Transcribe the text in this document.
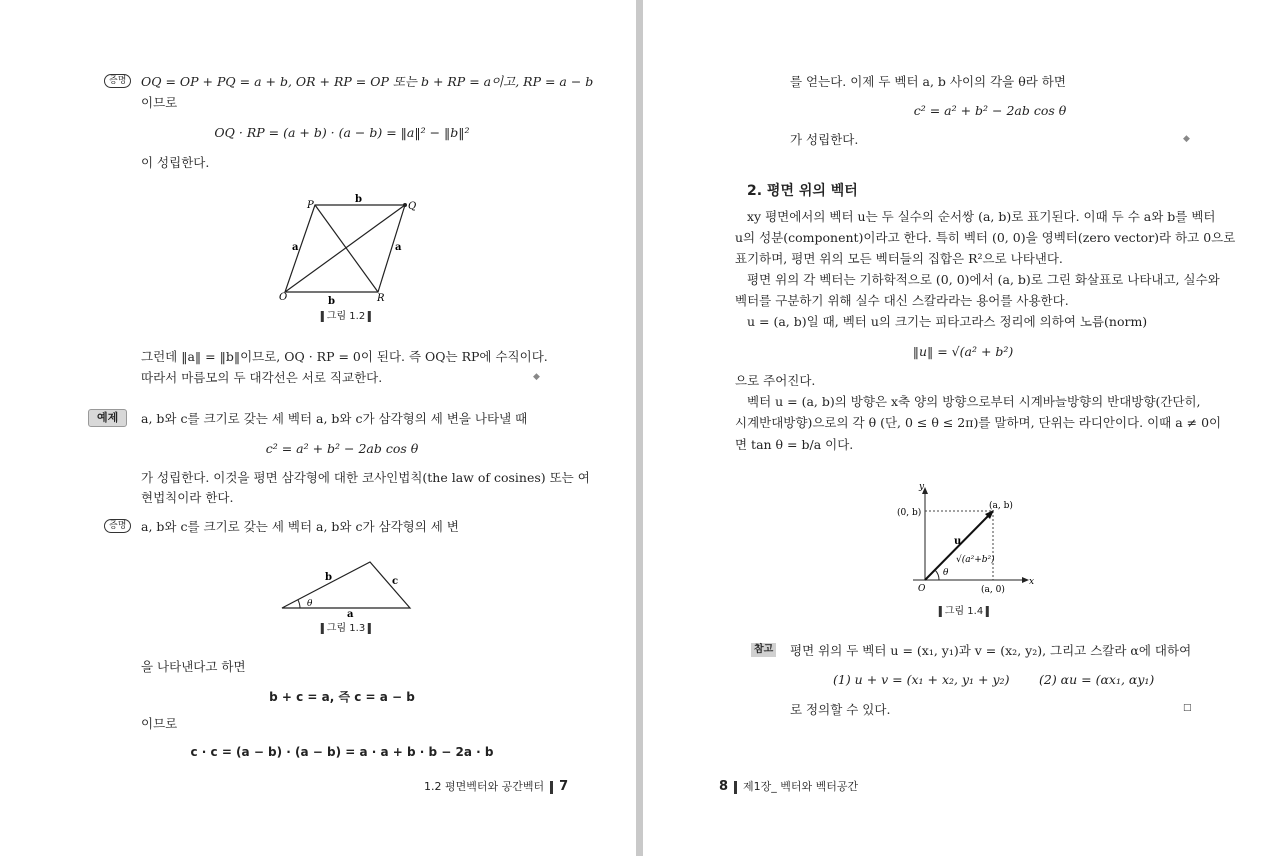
증명	OQ = OP + PQ = a + b, OR + RP = OP 또는 b + RP = a이고, RP = a − b
이므로
OQ · RP = (a + b) · (a − b) = ‖a‖² − ‖b‖²
이 성립한다.
P	Q
O	R
b
b
a	a
그림 1.2
그런데 ‖a‖ = ‖b‖이므로, OQ · RP = 0이 된다. 즉 OQ는 RP에 수직이다.
따라서 마름모의 두 대각선은 서로 직교한다.	◆
예제	a, b와 c를 크기로 갖는 세 벡터 a, b와 c가 삼각형의 세 변을 나타낼 때
c² = a² + b² − 2ab cos θ
가 성립한다. 이것을 평면 삼각형에 대한 코사인법칙(the law of cosines) 또는 여
현법칙이라 한다.
증명	a, b와 c를 크기로 갖는 세 벡터 a, b와 c가 삼각형의 세 변
b	c
a
θ
그림 1.3
을 나타낸다고 하면
b + c = a, 즉 c = a − b
이므로
c · c = (a − b) · (a − b) = a · a + b · b − 2a · b
1.2 평면벡터와 공간벡터 7
를 얻는다. 이제 두 벡터 a, b 사이의 각을 θ라 하면
c² = a² + b² − 2ab cos θ
가 성립한다.	◆
2. 평면 위의 벡터
xy 평면에서의 벡터 u는 두 실수의 순서쌍 (a, b)로 표기된다. 이때 두 수 a와 b를 벡터
u의 성분(component)이라고 한다. 특히 벡터 (0, 0)을 영벡터(zero vector)라 하고 0으로
표기하며, 평면 위의 모든 벡터들의 집합은 R²으로 나타낸다.
평면 위의 각 벡터는 기하학적으로 (0, 0)에서 (a, b)로 그린 화살표로 나타내고, 실수와
벡터를 구분하기 위해 실수 대신 스칼라라는 용어를 사용한다.
u = (a, b)일 때, 벡터 u의 크기는 피타고라스 정리에 의하여 노름(norm)
‖u‖ = √(a² + b²)
으로 주어진다.
벡터 u = (a, b)의 방향은 x축 양의 방향으로부터 시계바늘방향의 반대방향(간단히,
시계반대방향)으로의 각 θ (단, 0 ≤ θ ≤ 2π)를 말하며, 단위는 라디안이다. 이때 a ≠ 0이
면 tan θ = b/a 이다.
y
x
O
(0, b)
(a, b)
(a, 0)
u
√(a²+b²)
θ
그림 1.4
참고 평면 위의 두 벡터 u = (x₁, y₁)과 v = (x₂, y₂), 그리고 스칼라 α에 대하여
(1) u + v = (x₁ + x₂, y₁ + y₂) (2) αu = (αx₁, αy₁)
로 정의할 수 있다.	□
8 제1장_ 벡터와 벡터공간
